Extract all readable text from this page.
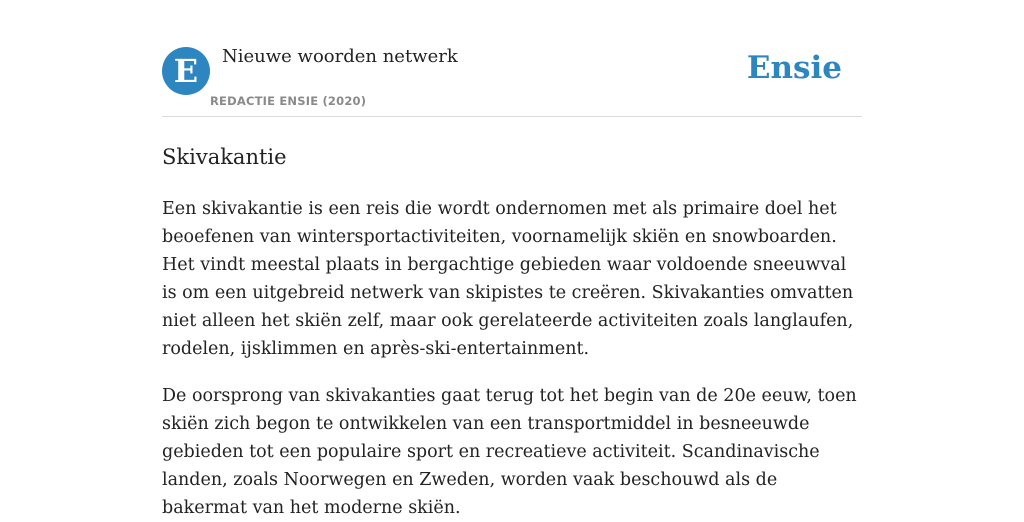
E	Nieuwe woorden netwerk
REDACTIE ENSIE (2020)
Ensie
Skivakantie

Een skivakantie is een reis die wordt ondernomen met als primaire doel het beoefenen van wintersportactiviteiten, voornamelijk skiën en snowboarden. Het vindt meestal plaats in bergachtige gebieden waar voldoende sneeuwval is om een uitgebreid netwerk van skipistes te creëren. Skivakanties omvatten niet alleen het skiën zelf, maar ook gerelateerde activiteiten zoals langlaufen, rodelen, ijsklimmen en après-ski-entertainment.

De oorsprong van skivakanties gaat terug tot het begin van de 20e eeuw, toen skiën zich begon te ontwikkelen van een transportmiddel in besneeuwde gebieden tot een populaire sport en recreatieve activiteit. Scandinavische landen, zoals Noorwegen en Zweden, worden vaak beschouwd als de bakermat van het moderne skiën.
